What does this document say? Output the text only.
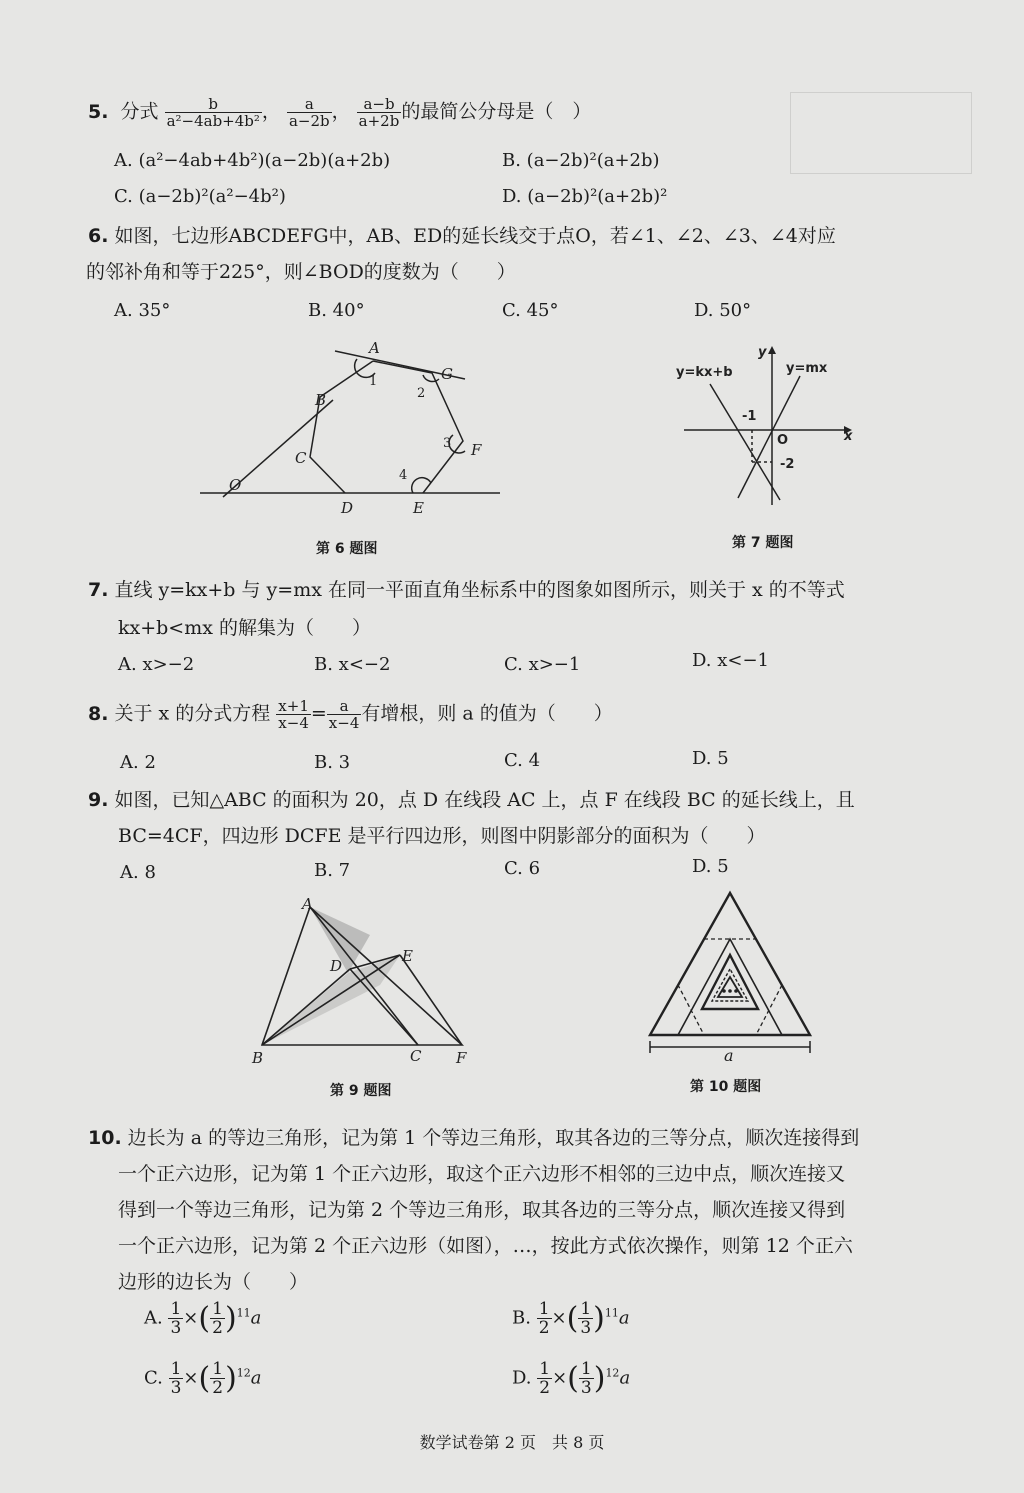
5. 分式 $\frac{b}{\text{a²−4ab+4b²}}$ ， $\frac{a}{a-2b}$ ， $\frac{a-b}{a+2b}$ 的最简公分母是（　）
A. (a²−4ab+4b²)(a−2b)(a+2b)	B. (a−2b)²(a+2b)
C. (a−2b)²(a²−4b²)	D. (a−2b)²(a+2b)²
6. 如图，七边形ABCDEFG中，AB、ED的延长线交于点O，若∠1、∠2、∠3、∠4对应
的邻补角和等于225°，则∠BOD的度数为（　　）
A. 35°	B. 40°	C. 45°	D. 50°
A
G
B
C
O
D	E
F
1
2
3
4
第 6 题图
y=kx+b	y=mx
y
x
O
-1
-2
第 7 题图
7. 直线 y=kx+b 与 y=mx 在同一平面直角坐标系中的图象如图所示，则关于 x 的不等式
kx+b<mx 的解集为（　　）
A. x>−2	B. x<−2	C. x>−1	D. x<−1
8. 关于 x 的分式方程 $\frac{x+1}{x-4} = \frac{a}{x-4}$ 有增根，则 a 的值为（　　）
A. 2	B. 3	C. 4	D. 5
9. 如图，已知△ABC 的面积为 20，点 D 在线段 AC 上，点 F 在线段 BC 的延长线上，且
BC=4CF，四边形 DCFE 是平行四边形，则图中阴影部分的面积为（　　）
A. 8	B. 7	C. 6	D. 5
A
B	C
D
E
F
第 9 题图
a
第 10 题图
10. 边长为 a 的等边三角形，记为第 1 个等边三角形，取其各边的三等分点，顺次连接得到
一个正六边形，记为第 1 个正六边形，取这个正六边形不相邻的三边中点，顺次连接又
得到一个等边三角形，记为第 2 个等边三角形，取其各边的三等分点，顺次连接又得到
一个正六边形，记为第 2 个正六边形（如图），…，按此方式依次操作，则第 12 个正六
边形的边长为（　　）
A. $\frac{1}{3}\times( \frac{1}{2})^{11}a$	B. $\frac{1}{2}\times( \frac{1}{3})^{11}a$
C. $\frac{1}{3}\times( \frac{1}{2})^{12}a$	D. $\frac{1}{2}\times( \frac{1}{3})^{12}a$
数学试卷第 2 页　共 8 页
